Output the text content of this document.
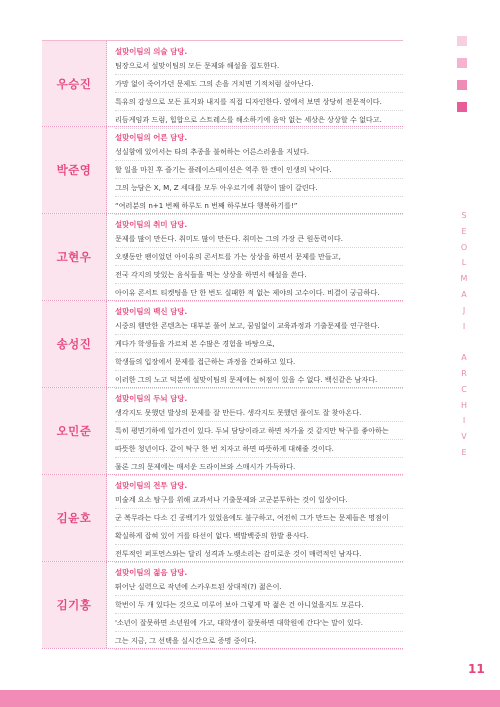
우승진
설맞이팀의 의술 담당.
팀장으로서 설맞이팀의 모든 문제와 해설을 집도한다.
가망 없이 죽어가던 문제도 그의 손을 거치면 기적처럼 살아난다.
특유의 감성으로 모든 표지와 내지를 직접 디자인한다. 옆에서 보면 상당히 전문적이다.
리듬게임과 드럼, 힙합으로 스트레스를 해소하기에 음악 없는 세상은 상상할 수 없다고.
박준영
설맞이팀의 어른 담당.
성실함에 있어서는 타의 추종을 불허하는 어른스러움을 지녔다.
할 일을 마친 후 즐기는 플레이스테이션은 역주 한 캔이 인생의 낙이다.
그의 능담은 X, M, Z 세대를 모두 아우르기에 취향이 많이 갈린다.
“여러분의 n+1 번째 하루도 n 번째 하루보다 행복하기를!”
고현우
설맞이팀의 취미 담당.
문제를 많이 만든다. 취미도 많이 만든다. 취미는 그의 가장 큰 원동력이다.
오랫동안 팬이었던 아이유의 콘서트를 가는 상상을 하면서 문제를 만들고,
전국 각지의 맛있는 음식들을 먹는 상상을 하면서 해설을 쓴다.
아이유 콘서트 티켓팅을 단 한 번도 실패한 적 없는 제야의 고수이다. 비결이 궁금하다.
송성진
설맞이팀의 백신 담당.
시중의 웬만한 콘텐츠는 대부분 풀어 보고, 꿈임없이 교육과정과 기출문제를 연구한다.
게다가 학생들을 가르쳐 본 수많은 경험을 바탕으로,
학생들의 입장에서 문제를 접근하는 과정을 간파하고 있다.
이러한 그의 노고 덕분에 설맞이팀의 문제에는 허점이 있을 수 없다. 백신같은 남자다.
오민준
설맞이팀의 두뇌 담당.
생각지도 못했던 발상의 문제를 잘 만든다. 생각지도 못했던 풀이도 잘 찾아온다.
특히 평면기하에 일가견이 있다. 두뇌 담당이라고 하면 차가울 것 같지만 탁구를 좋아하는
따뜻한 청년이다. 같이 탁구 한 번 치자고 하면 따뜻하게 대해줄 것이다.
물론 그의 문제에는 매서운 드라이브와 스매시가 가득하다.
김윤호
설맞이팀의 전투 담당.
미술계 요소 탐구를 위해 교과서나 기출문제와 고군분투하는 것이 일상이다.
군 복무라는 다소 긴 공백기가 있었음에도 불구하고, 여전히 그가 만드는 문제들은 명점이
확실하게 잡혀 있어 거를 타선이 없다. 백발백중의 한발 용사다.
전투적인 퍼포먼스와는 달리 성격과 노랫소리는 감미로운 것이 매력적인 남자다.
김기홍
설맞이팀의 젊음 담당.
뛰어난 실력으로 작년에 스카우트된 상대적(?) 젊은이.
학번이 두 개 있다는 것으로 미루어 보아 그렇게 막 젊은 건 아니었을지도 모른다.
'소년이 잘못하면 소년원에 가고, 대학생이 잘못하면 대학원에 간다'는 말이 있다.
그는 지금, 그 선택을 실시간으로 증명 중이다.
S
E
O
L
M
A
J
I

A
R
C
H
I
V
E
11
